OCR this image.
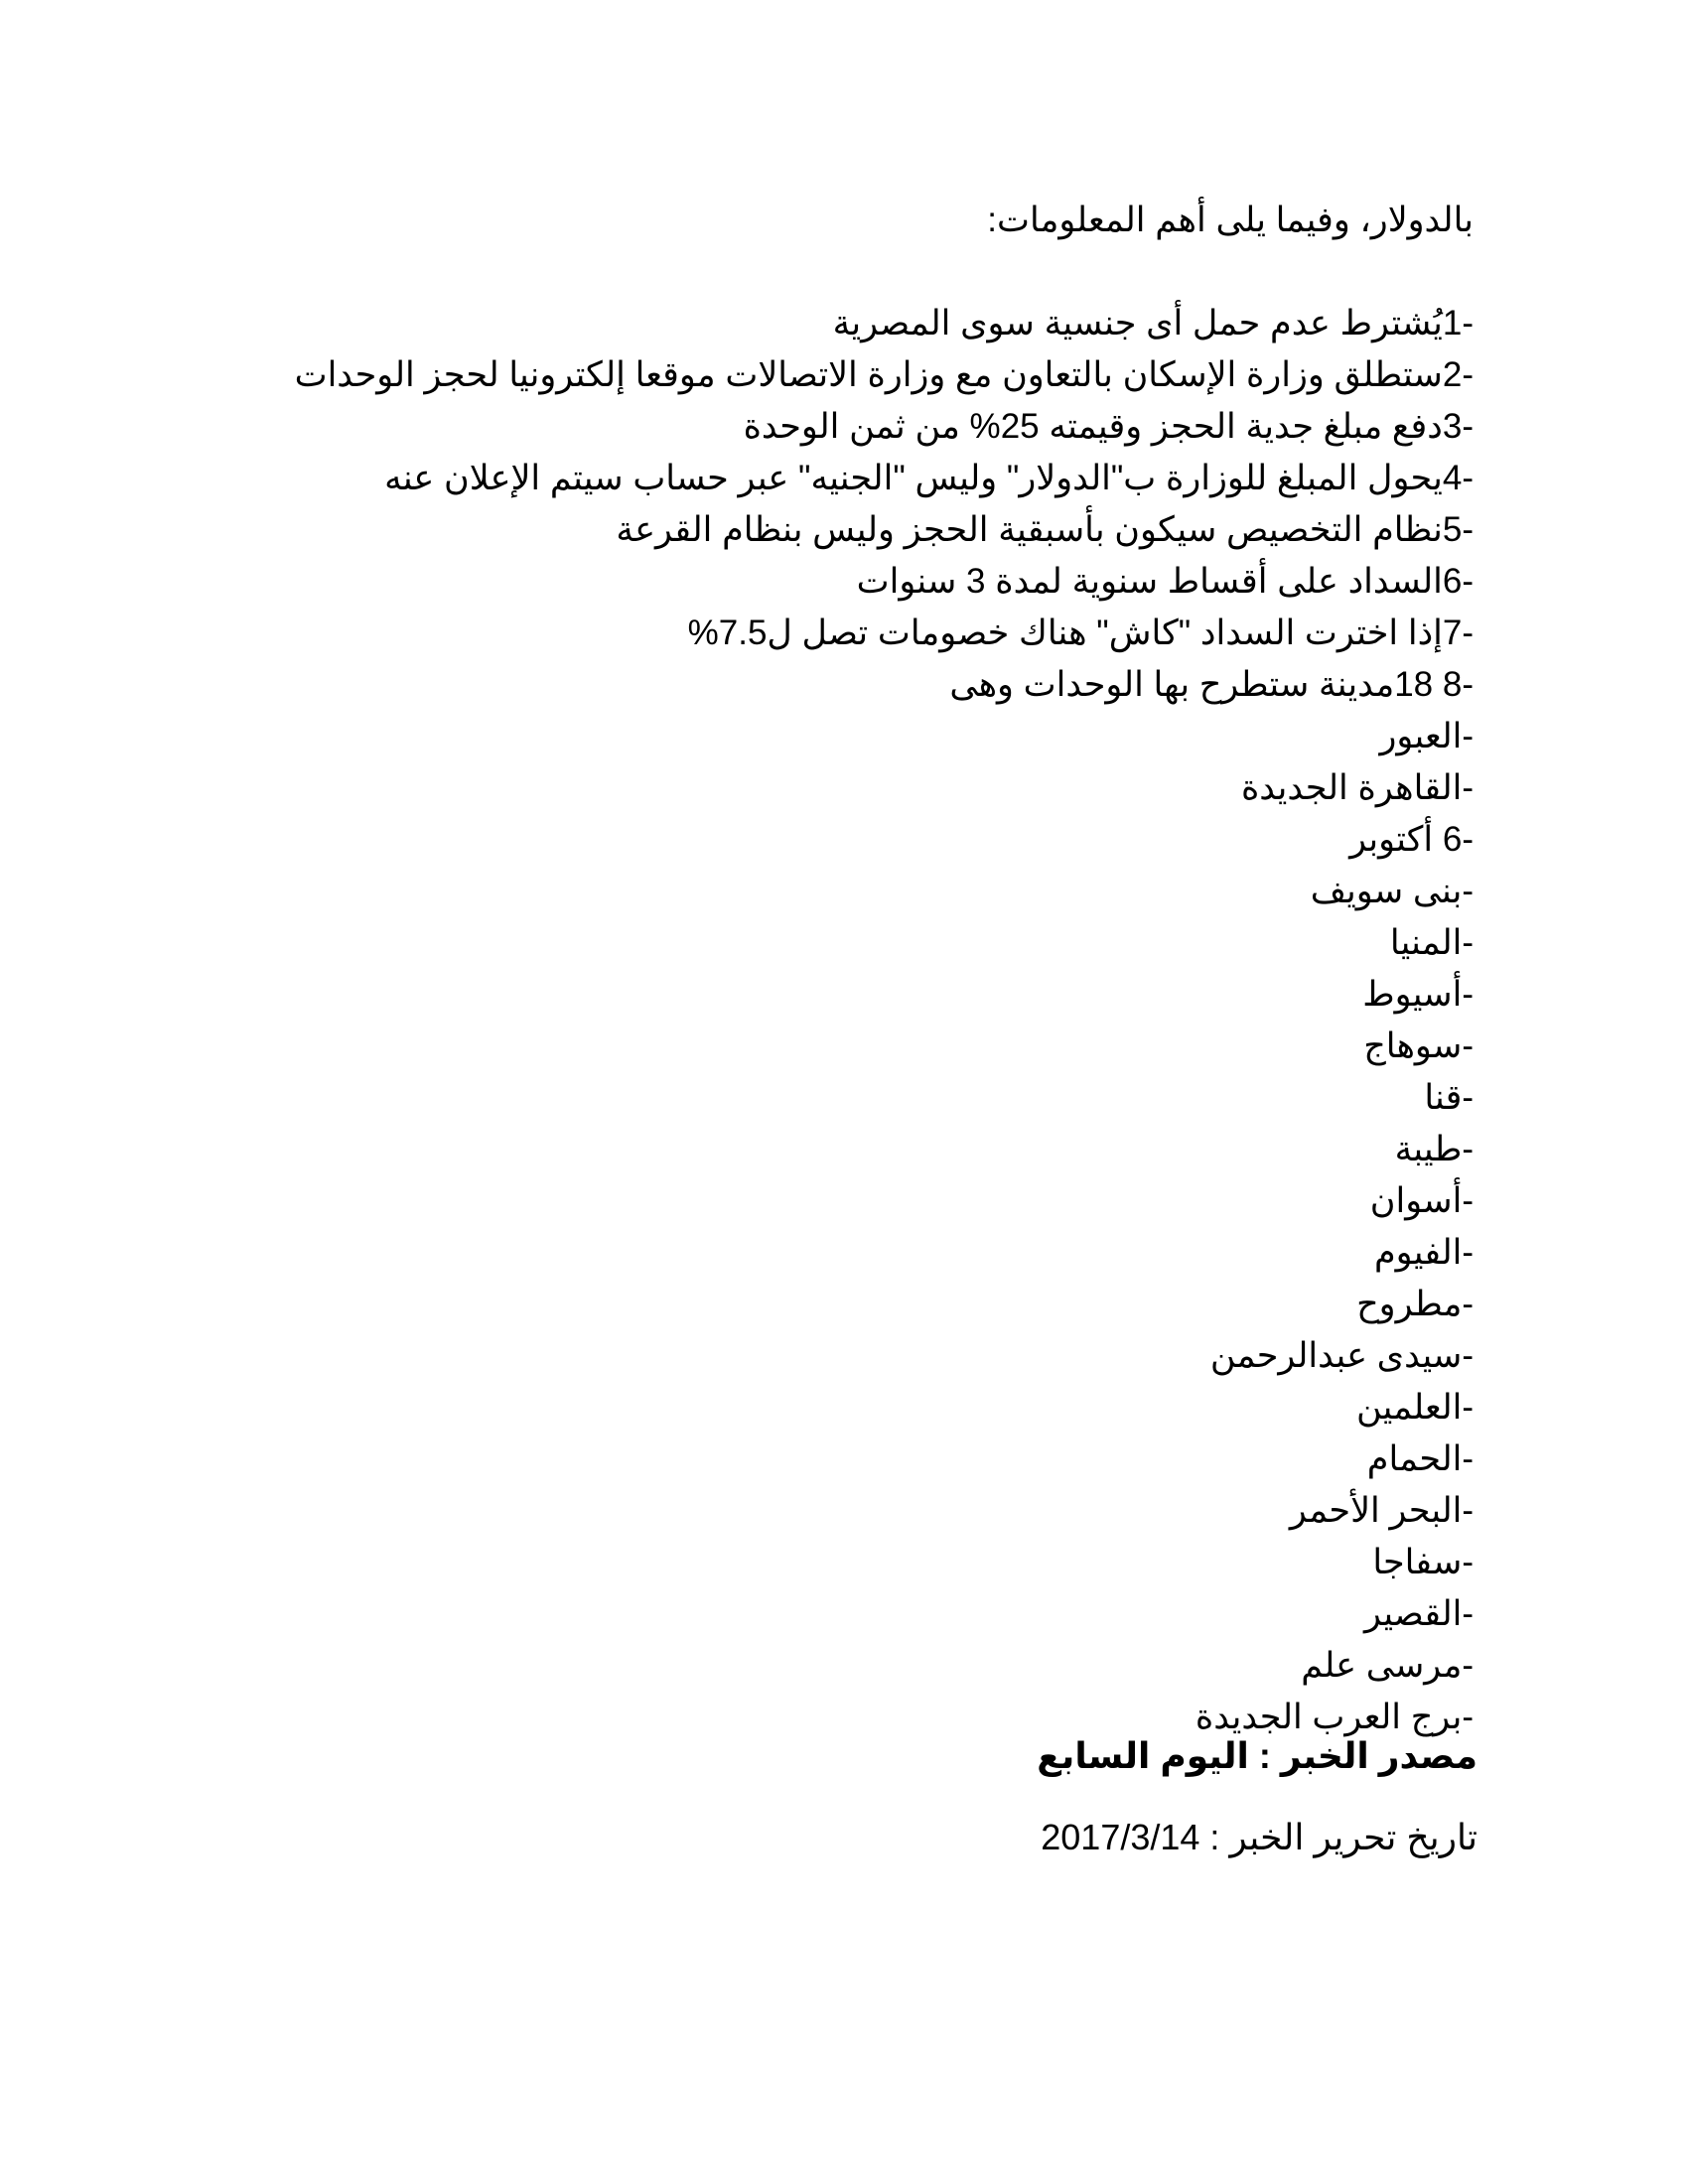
بالدولار، وفيما يلى أهم المعلومات:
-1يُشترط عدم حمل أى جنسية سوى المصرية
-2ستطلق وزارة الإسكان بالتعاون مع وزارة الاتصالات موقعا إلكترونيا لحجز الوحدات
-3دفع مبلغ جدية الحجز وقيمته 25% من ثمن الوحدة
-4يحول المبلغ للوزارة ب"الدولار" وليس "الجنيه" عبر حساب سيتم الإعلان عنه
-5نظام التخصيص سيكون بأسبقية الحجز وليس بنظام القرعة
-6السداد على أقساط سنوية لمدة 3 سنوات
-7إذا اخترت السداد "كاش" هناك خصومات تصل ل7.5%
-8 18مدينة ستطرح بها الوحدات وهى
-العبور
-القاهرة الجديدة
-6 أكتوبر
-بنى سويف
-المنيا
-أسيوط
-سوهاج
-قنا
-طيبة
-أسوان
-الفيوم
-مطروح
-سيدى عبدالرحمن
-العلمين
-الحمام
-البحر الأحمر
-سفاجا
-القصير
-مرسى علم
-برج العرب الجديدة
مصدر الخبر : اليوم السابع
تاريخ تحرير الخبر : 2017/3/14
